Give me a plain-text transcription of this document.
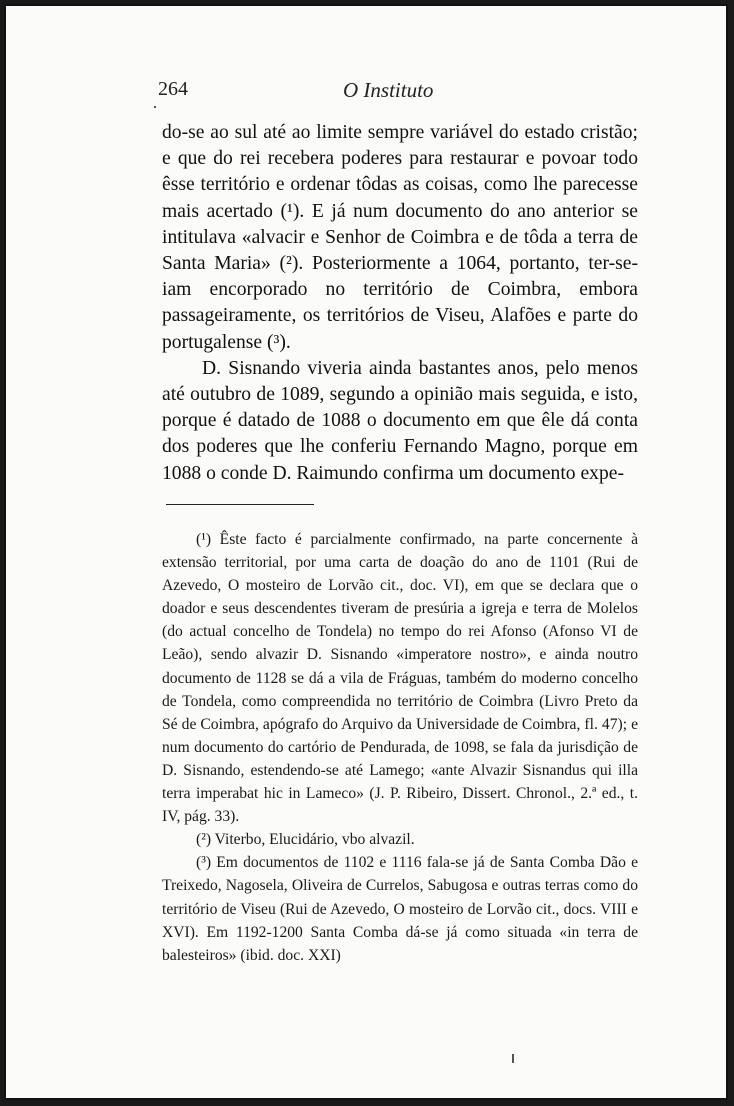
264	O Instituto

do-se ao sul até ao limite sempre variável do estado cristão; e que do rei recebera poderes para restaurar e povoar todo êsse território e ordenar tôdas as coisas, como lhe parecesse mais acertado (¹). E já num documento do ano anterior se intitulava «alvacir e Senhor de Coimbra e de tôda a terra de Santa Maria» (²). Posteriormente a 1064, portanto, ter-se-iam encorporado no território de Coimbra, embora passageiramente, os territórios de Viseu, Alafões e parte do portugalense (³).

D. Sisnando viveria ainda bastantes anos, pelo menos até outubro de 1089, segundo a opinião mais seguida, e isto, porque é datado de 1088 o documento em que êle dá conta dos poderes que lhe conferiu Fernando Magno, porque em 1088 o conde D. Raimundo confirma um documento expe-

(¹) Êste facto é parcialmente confirmado, na parte concernente à extensão territorial, por uma carta de doação do ano de 1101 (Rui de Azevedo, O mosteiro de Lorvão cit., doc. VI), em que se declara que o doador e seus descendentes tiveram de presúria a igreja e terra de Molelos (do actual concelho de Tondela) no tempo do rei Afonso (Afonso VI de Leão), sendo alvazir D. Sisnando «imperatore nostro», e ainda noutro documento de 1128 se dá a vila de Fráguas, também do moderno concelho de Tondela, como compreendida no território de Coimbra (Livro Preto da Sé de Coimbra, apógrafo do Arquivo da Universidade de Coimbra, fl. 47); e num documento do cartório de Pendurada, de 1098, se fala da jurisdição de D. Sisnando, estendendo-se até Lamego; «ante Alvazir Sisnandus qui illa terra imperabat hic in Lameco» (J. P. Ribeiro, Dissert. Chronol., 2.ª ed., t. IV, pág. 33).

(²) Viterbo, Elucidário, vbo alvazil.

(³) Em documentos de 1102 e 1116 fala-se já de Santa Comba Dão e Treixedo, Nagosela, Oliveira de Currelos, Sabugosa e outras terras como do território de Viseu (Rui de Azevedo, O mosteiro de Lorvão cit., docs. VIII e XVI). Em 1192-1200 Santa Comba dá-se já como situada «in terra de balesteiros» (ibid. doc. XXI)
